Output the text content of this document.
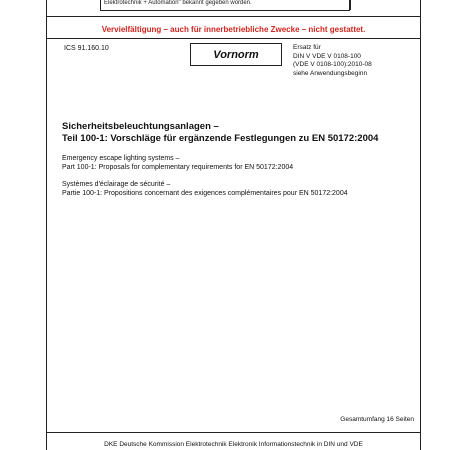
Elektrotechnik + Automation" bekannt gegeben worden.
Vervielfältigung – auch für innerbetriebliche Zwecke – nicht gestattet.
ICS 91.160.10	Vornorm
Ersatz für
DIN V VDE V 0108-100
(VDE V 0108-100):2010-08
siehe Anwendungsbeginn
Sicherheitsbeleuchtungsanlagen –
Teil 100-1: Vorschläge für ergänzende Festlegungen zu EN 50172:2004
Emergency escape lighting systems –
Part 100-1: Proposals for complementary requirements for EN 50172:2004
Systèmes d'éclairage de sécurité –
Partie 100-1: Propositions concernant des exigences complémentaires pour EN 50172:2004
Gesamtumfang 16 Seiten
DKE Deutsche Kommission Elektrotechnik Elektronik Informationstechnik in DIN und VDE
